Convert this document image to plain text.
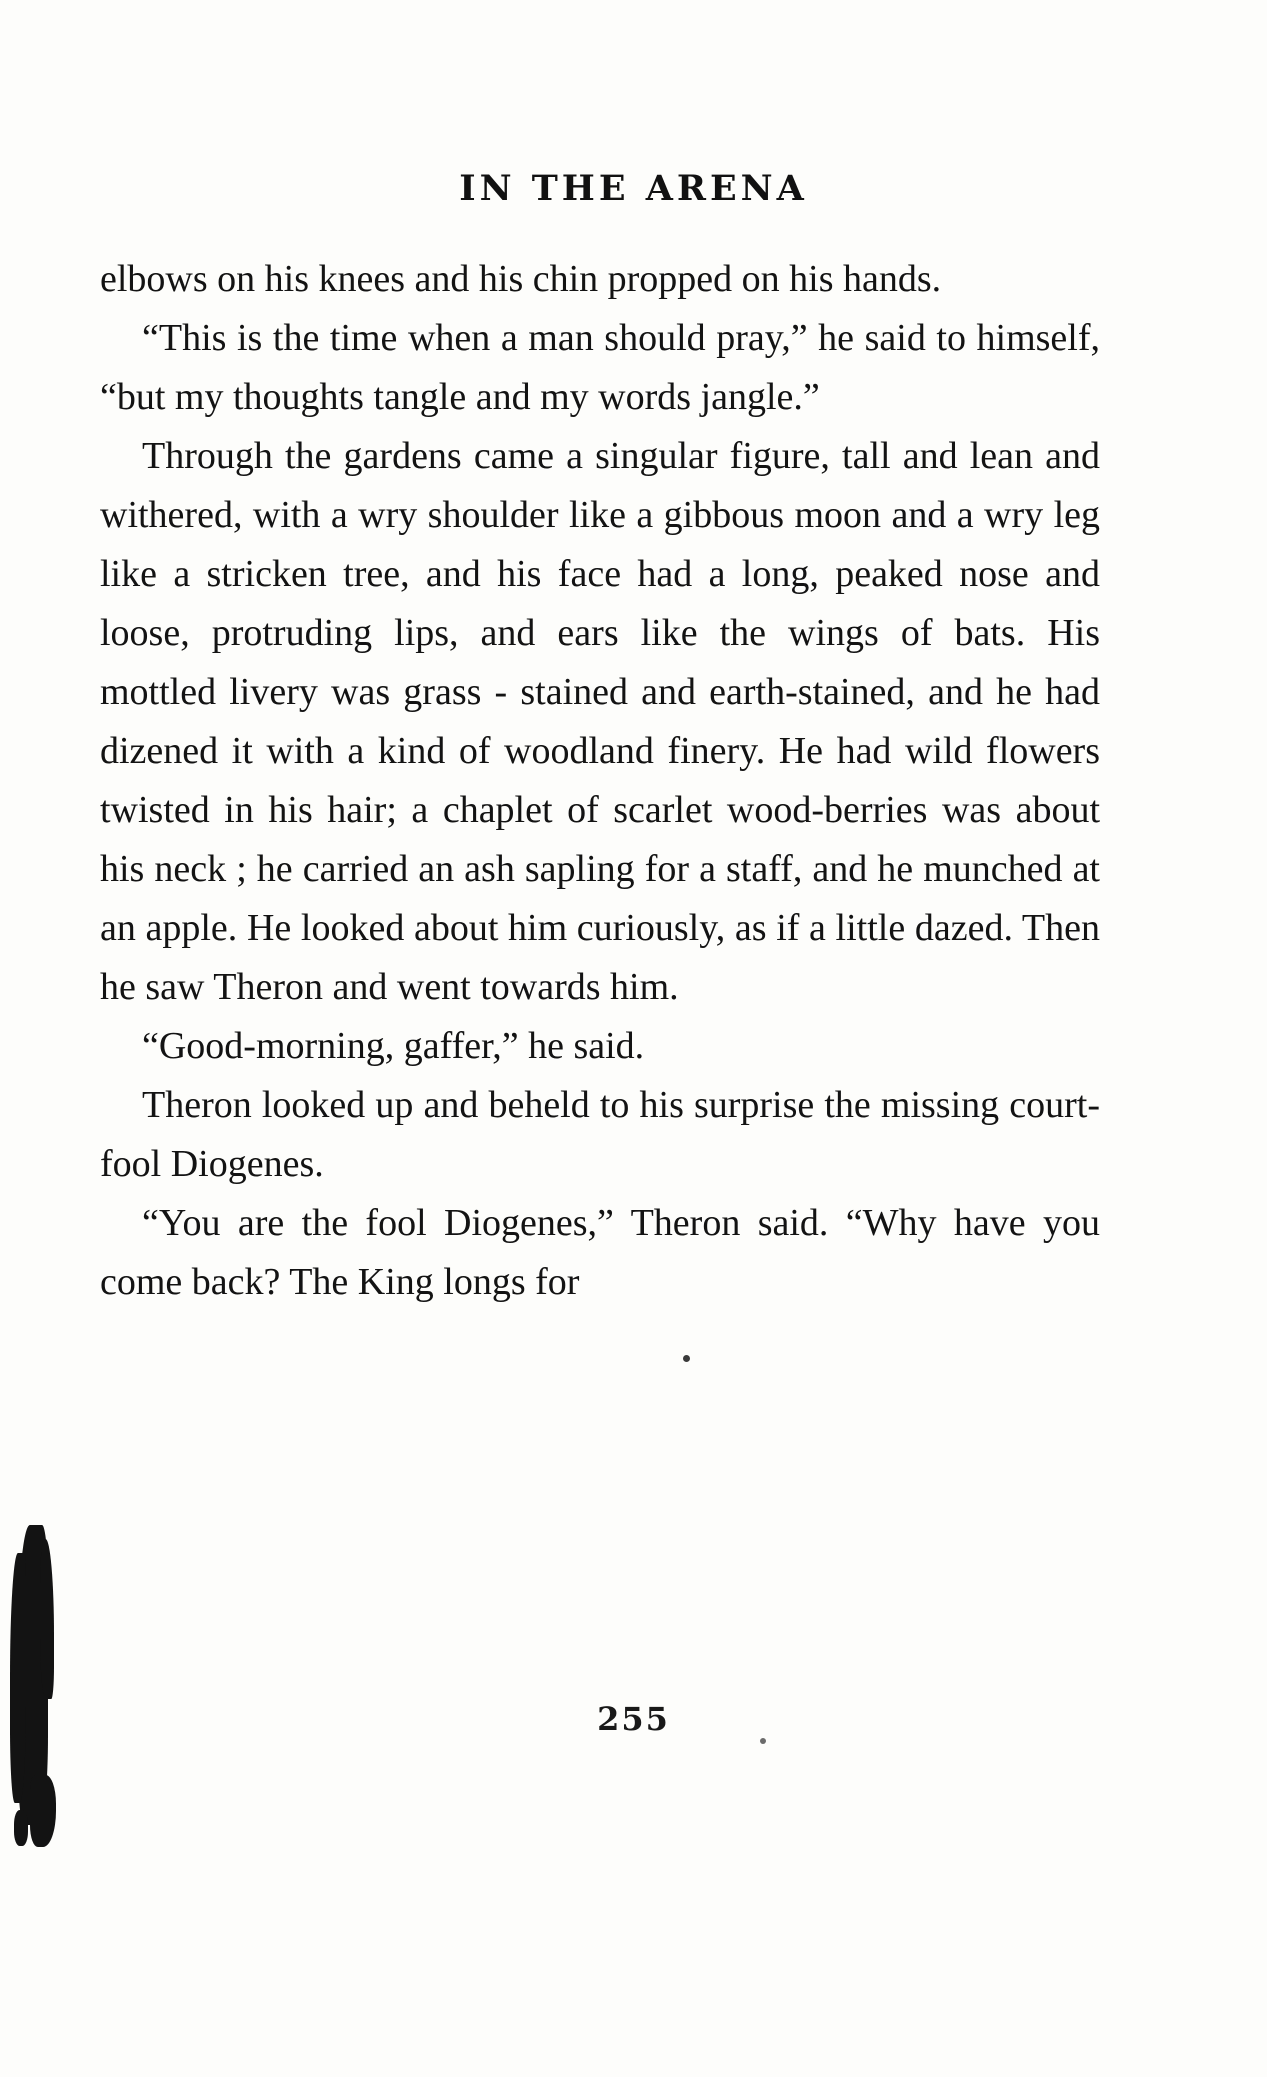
IN THE ARENA

elbows on his knees and his chin propped on his hands.

“This is the time when a man should pray,” he said to himself, “but my thoughts tangle and my words jangle.”

Through the gardens came a singular figure, tall and lean and withered, with a wry shoulder like a gibbous moon and a wry leg like a stricken tree, and his face had a long, peaked nose and loose, protruding lips, and ears like the wings of bats. His mottled livery was grass - stained and earth-stained, and he had dizened it with a kind of woodland finery. He had wild flowers twisted in his hair; a chaplet of scarlet wood-berries was about his neck ; he carried an ash sapling for a staff, and he munched at an apple. He looked about him curiously, as if a little dazed. Then he saw Theron and went towards him.

“Good-morning, gaffer,” he said.

Theron looked up and beheld to his surprise the missing court-fool Diogenes.

“You are the fool Diogenes,” Theron said. “Why have you come back? The King longs for

255
